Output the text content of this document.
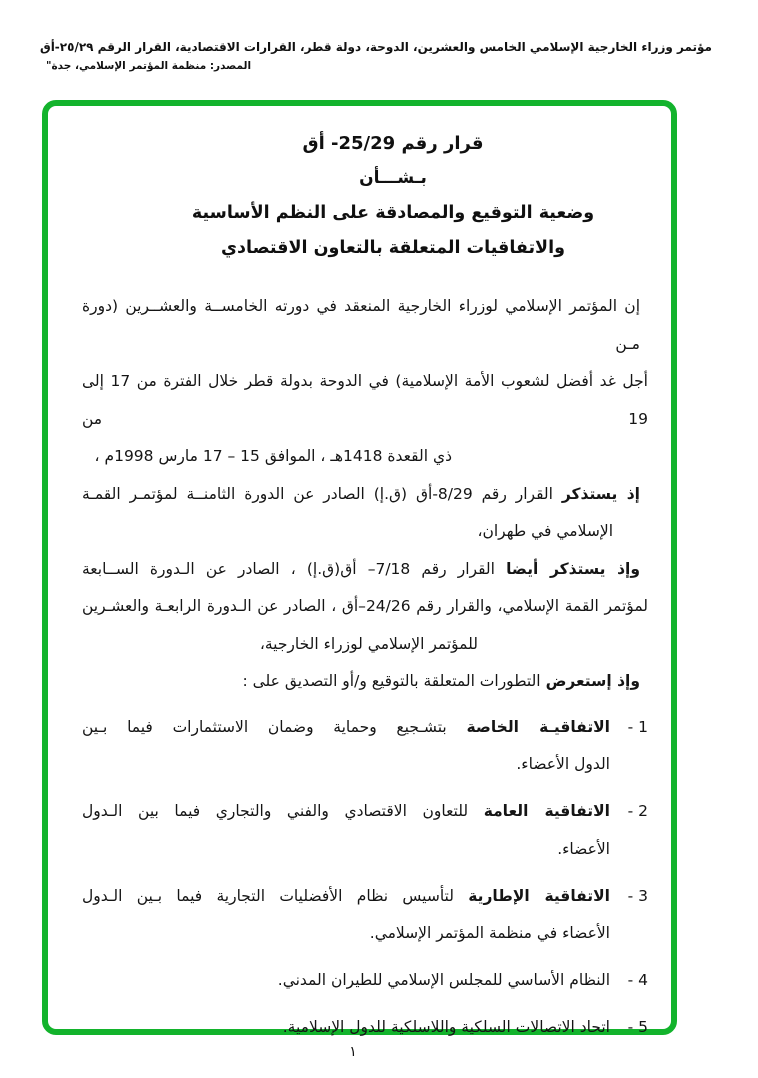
مؤتمر وزراء الخارجية الإسلامي الخامس والعشرين، الدوحة، دولة قطر، القرارات الاقتصادية، القرار الرقم ٢٥/٢٩-أق
المصدر: منظمة المؤتمر الإسلامي، جدة"
قرار رقم 25/29- أق
بـشـــأن
وضعية التوقيع والمصادقة على النظم الأساسية
والاتفاقيات المتعلقة بالتعاون الاقتصادي
إن المؤتمر الإسلامي لوزراء الخارجية المنعقد في دورته الخامســة والعشــرين (دورة مـن
أجل غد أفضل لشعوب الأمة الإسلامية) في الدوحة بدولة قطر خلال الفترة من 17 إلى 19 من
ذي القعدة 1418هـ ، الموافق 15 – 17 مارس 1998م ،
إذ يستذكر القرار رقم 8/29-أق (ق.إ) الصادر عن الدورة الثامنــة لمؤتمـر القمـة
الإسلامي في طهران،
وإذ يستذكر أيضا القرار رقم 7/18– أق(ق.إ) ، الصادر عن الـدورة الســابعة
لمؤتمر القمة الإسلامي، والقرار رقم 24/26–أق ، الصادر عن الـدورة الرابعـة والعشـرين
للمؤتمر الإسلامي لوزراء الخارجية،
وإذ إستعرض التطورات المتعلقة بالتوقيع و/أو التصديق على :
1 -
الاتفاقيـة الخاصة بتشـجيع وحماية وضمان الاستثمارات فيما بـين
الدول الأعضاء.
2 -
الاتفاقية العامة للتعاون الاقتصادي والفني والتجاري فيما بين الـدول
الأعضاء.
3 -
الاتفاقية الإطارية لتأسيس نظام الأفضليات التجارية فيما بـين الـدول
الأعضاء في منظمة المؤتمر الإسلامي.
4 -
النظام الأساسي للمجلس الإسلامي للطيران المدني.
5 -
اتحاد الاتصالات السلكية واللاسلكية للدول الإسلامية.
١
